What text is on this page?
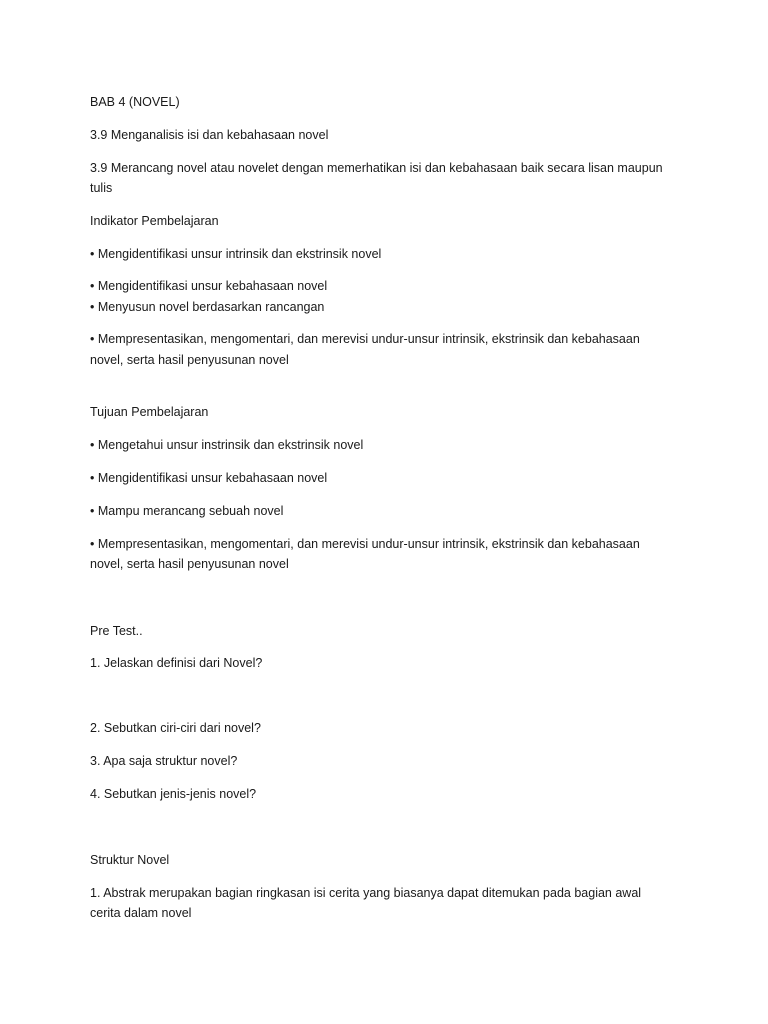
BAB 4 (NOVEL)
3.9 Menganalisis isi dan kebahasaan novel
3.9 Merancang novel atau novelet dengan memerhatikan isi dan kebahasaan baik secara lisan maupun
tulis
Indikator Pembelajaran
• Mengidentifikasi unsur intrinsik dan ekstrinsik novel
• Mengidentifikasi unsur kebahasaan novel
• Menyusun novel berdasarkan rancangan
• Mempresentasikan, mengomentari, dan merevisi undur-unsur intrinsik, ekstrinsik dan kebahasaan
novel, serta hasil penyusunan novel
Tujuan Pembelajaran
• Mengetahui unsur instrinsik dan ekstrinsik novel
• Mengidentifikasi unsur kebahasaan novel
• Mampu merancang sebuah novel
• Mempresentasikan, mengomentari, dan merevisi undur-unsur intrinsik, ekstrinsik dan kebahasaan
novel, serta hasil penyusunan novel
Pre Test..
1. Jelaskan definisi dari Novel?
2. Sebutkan ciri-ciri dari novel?
3. Apa saja struktur novel?
4. Sebutkan jenis-jenis novel?
Struktur Novel
1. Abstrak merupakan bagian ringkasan isi cerita yang biasanya dapat ditemukan pada bagian awal
cerita dalam novel
